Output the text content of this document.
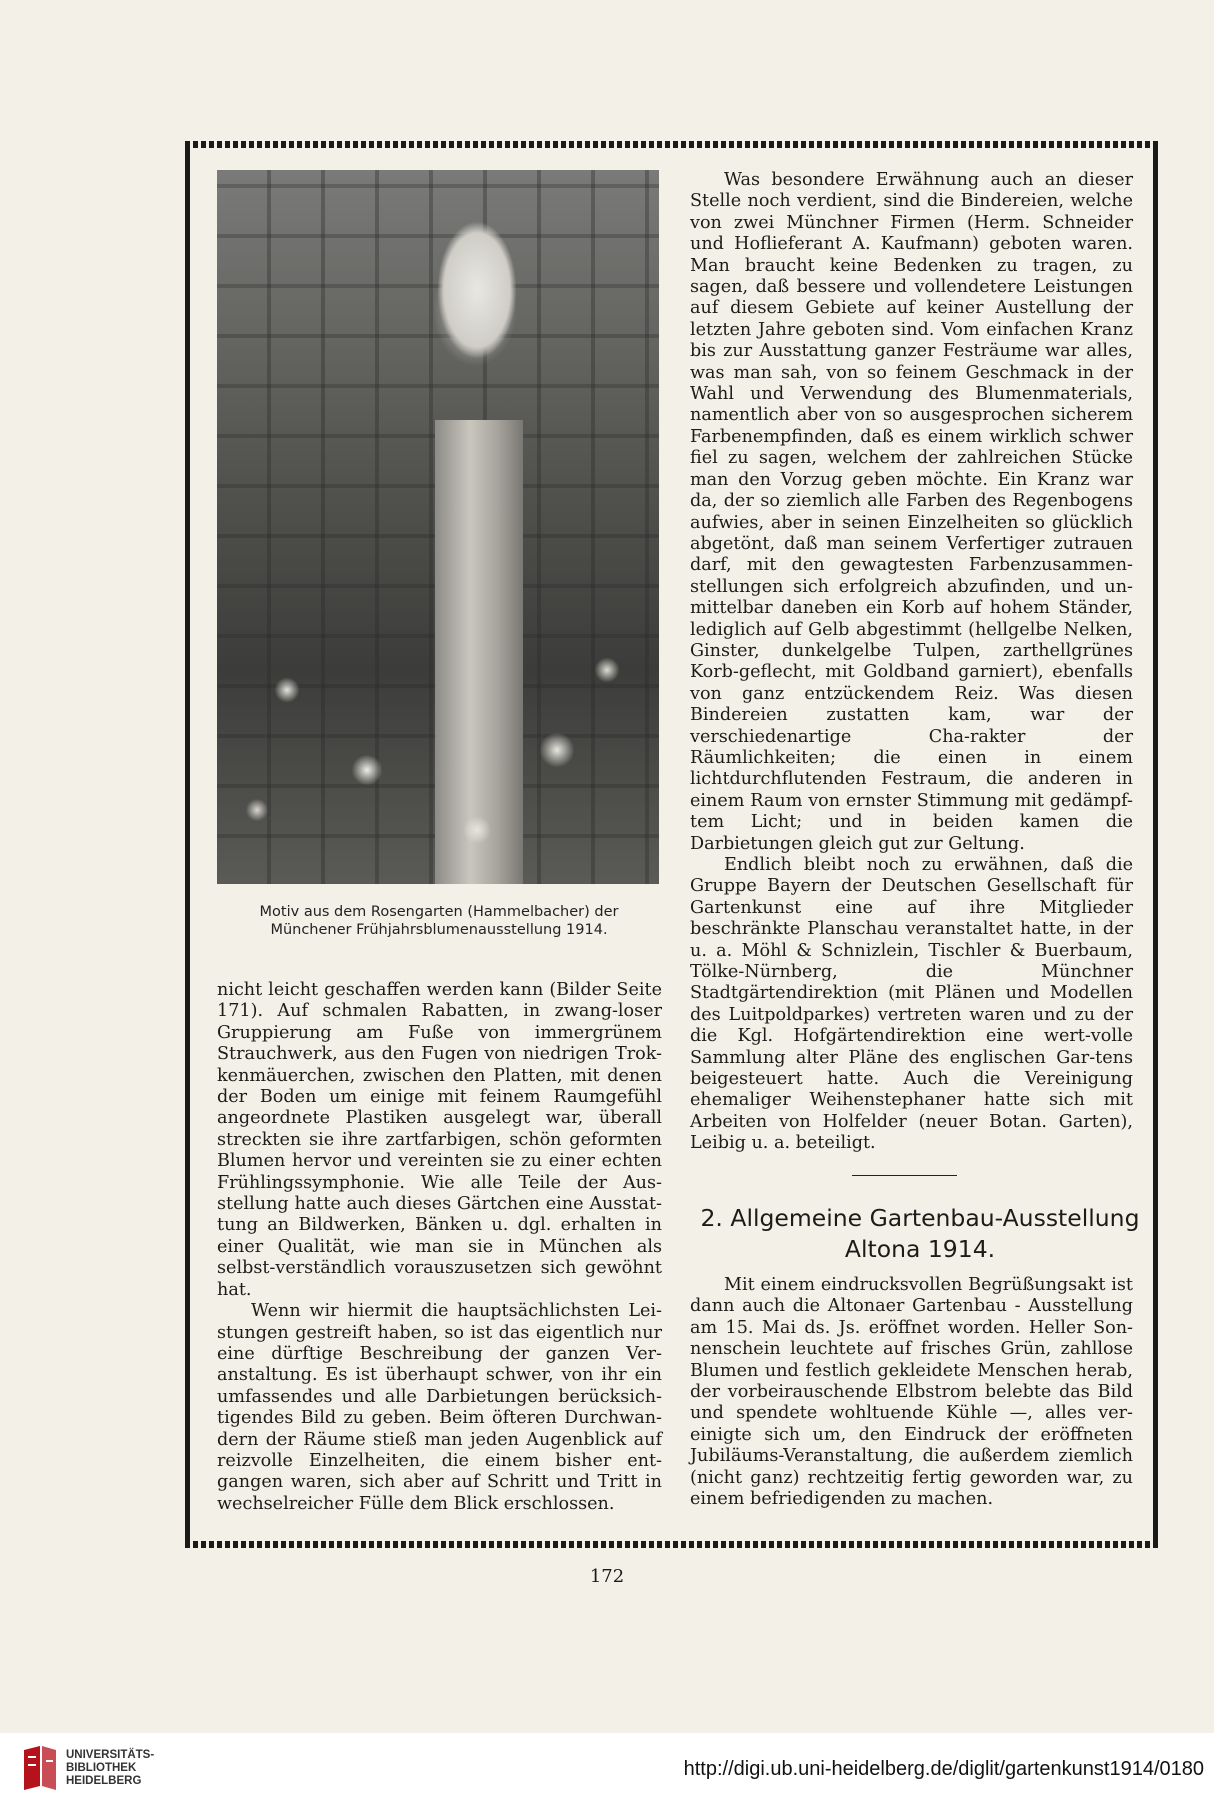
Motiv aus dem Rosengarten (Hammelbacher) der
Münchener Frühjahrsblumenausstellung 1914.

nicht leicht geschaffen werden kann (Bilder Seite 171). Auf schmalen Rabatten, in zwang-loser Gruppierung am Fuße von immergrünem Strauchwerk, aus den Fugen von niedrigen Trok-kenmäuerchen, zwischen den Platten, mit denen der Boden um einige mit feinem Raumgefühl angeordnete Plastiken ausgelegt war, überall streckten sie ihre zartfarbigen, schön geformten Blumen hervor und vereinten sie zu einer echten Frühlingssymphonie. Wie alle Teile der Aus-stellung hatte auch dieses Gärtchen eine Ausstat-tung an Bildwerken, Bänken u. dgl. erhalten in einer Qualität, wie man sie in München als selbst-verständlich vorauszusetzen sich gewöhnt hat.

Wenn wir hiermit die hauptsächlichsten Lei-stungen gestreift haben, so ist das eigentlich nur eine dürftige Beschreibung der ganzen Ver-anstaltung. Es ist überhaupt schwer, von ihr ein umfassendes und alle Darbietungen berücksich-tigendes Bild zu geben. Beim öfteren Durchwan-dern der Räume stieß man jeden Augenblick auf reizvolle Einzelheiten, die einem bisher ent-gangen waren, sich aber auf Schritt und Tritt in wechselreicher Fülle dem Blick erschlossen.

Was besondere Erwähnung auch an dieser Stelle noch verdient, sind die Bindereien, welche von zwei Münchner Firmen (Herm. Schneider und Hoflieferant A. Kaufmann) geboten waren. Man braucht keine Bedenken zu tragen, zu sagen, daß bessere und vollendetere Leistungen auf diesem Gebiete auf keiner Austellung der letzten Jahre geboten sind. Vom einfachen Kranz bis zur Ausstattung ganzer Festräume war alles, was man sah, von so feinem Geschmack in der Wahl und Verwendung des Blumenmaterials, namentlich aber von so ausgesprochen sicherem Farbenempfinden, daß es einem wirklich schwer fiel zu sagen, welchem der zahlreichen Stücke man den Vorzug geben möchte. Ein Kranz war da, der so ziemlich alle Farben des Regenbogens aufwies, aber in seinen Einzelheiten so glücklich abgetönt, daß man seinem Verfertiger zutrauen darf, mit den gewagtesten Farbenzusammen-stellungen sich erfolgreich abzufinden, und un-mittelbar daneben ein Korb auf hohem Ständer, lediglich auf Gelb abgestimmt (hellgelbe Nelken, Ginster, dunkelgelbe Tulpen, zarthellgrünes Korb-geflecht, mit Goldband garniert), ebenfalls von ganz entzückendem Reiz. Was diesen Bindereien zustatten kam, war der verschiedenartige Cha-rakter der Räumlichkeiten; die einen in einem lichtdurchflutenden Festraum, die anderen in einem Raum von ernster Stimmung mit gedämpf-tem Licht; und in beiden kamen die Darbietungen gleich gut zur Geltung.

Endlich bleibt noch zu erwähnen, daß die Gruppe Bayern der Deutschen Gesellschaft für Gartenkunst eine auf ihre Mitglieder beschränkte Planschau veranstaltet hatte, in der u. a. Möhl & Schnizlein, Tischler & Buerbaum, Tölke-Nürnberg, die Münchner Stadtgärtendirektion (mit Plänen und Modellen des Luitpoldparkes) vertreten waren und zu der die Kgl. Hofgärtendirektion eine wert-volle Sammlung alter Pläne des englischen Gar-tens beigesteuert hatte. Auch die Vereinigung ehemaliger Weihenstephaner hatte sich mit Arbeiten von Holfelder (neuer Botan. Garten), Leibig u. a. beteiligt.

2. Allgemeine Gartenbau-Ausstellung
Altona 1914.

Mit einem eindrucksvollen Begrüßungsakt ist dann auch die Altonaer Gartenbau - Ausstellung am 15. Mai ds. Js. eröffnet worden. Heller Son-nenschein leuchtete auf frisches Grün, zahllose Blumen und festlich gekleidete Menschen herab, der vorbeirauschende Elbstrom belebte das Bild und spendete wohltuende Kühle —, alles ver-einigte sich um, den Eindruck der eröffneten Jubiläums-Veranstaltung, die außerdem ziemlich (nicht ganz) rechtzeitig fertig geworden war, zu einem befriedigenden zu machen.

172
UNIVERSITÄTS-
BIBLIOTHEK
HEIDELBERG
http://digi.ub.uni-heidelberg.de/diglit/gartenkunst1914/0180
